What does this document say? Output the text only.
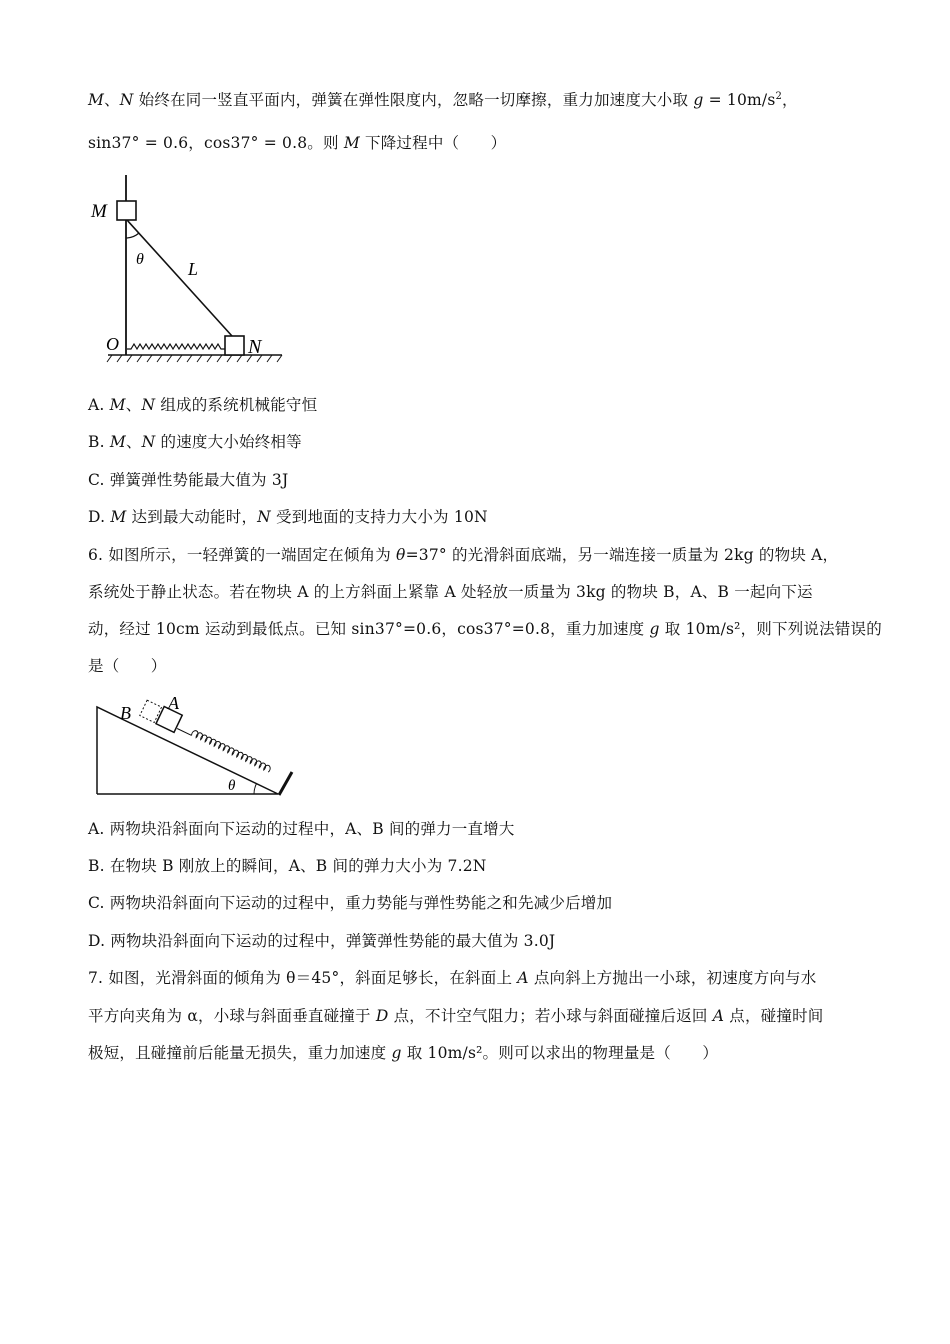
M、N 始终在同一竖直平面内，弹簧在弹性限度内，忽略一切摩擦，重力加速度大小取 $g = 10m/s^2$，
sin37° = 0.6，cos37° = 0.8。则 M 下降过程中（　　）
M
θ L
O	N
A. M、N 组成的系统机械能守恒
B. M、N 的速度大小始终相等
C. 弹簧弹性势能最大值为 3J
D. M 达到最大动能时，N 受到地面的支持力大小为 10N
6. 如图所示，一轻弹簧的一端固定在倾角为 θ=37° 的光滑斜面底端，另一端连接一质量为 2kg 的物块 A，
系统处于静止状态。若在物块 A 的上方斜面上紧靠 A 处轻放一质量为 3kg 的物块 B，A、B 一起向下运
动，经过 10cm 运动到最低点。已知 sin37°=0.6，cos37°=0.8，重力加速度 g 取 10m/s²，则下列说法错误的
是（　　）
B A
θ
A. 两物块沿斜面向下运动的过程中，A、B 间的弹力一直增大
B. 在物块 B 刚放上的瞬间，A、B 间的弹力大小为 7.2N
C. 两物块沿斜面向下运动的过程中，重力势能与弹性势能之和先减少后增加
D. 两物块沿斜面向下运动的过程中，弹簧弹性势能的最大值为 3.0J
7. 如图，光滑斜面的倾角为 θ＝45°，斜面足够长，在斜面上 A 点向斜上方抛出一小球，初速度方向与水
平方向夹角为 α，小球与斜面垂直碰撞于 D 点，不计空气阻力；若小球与斜面碰撞后返回 A 点，碰撞时间
极短，且碰撞前后能量无损失，重力加速度 g 取 10m/s²。则可以求出的物理量是（　　）
